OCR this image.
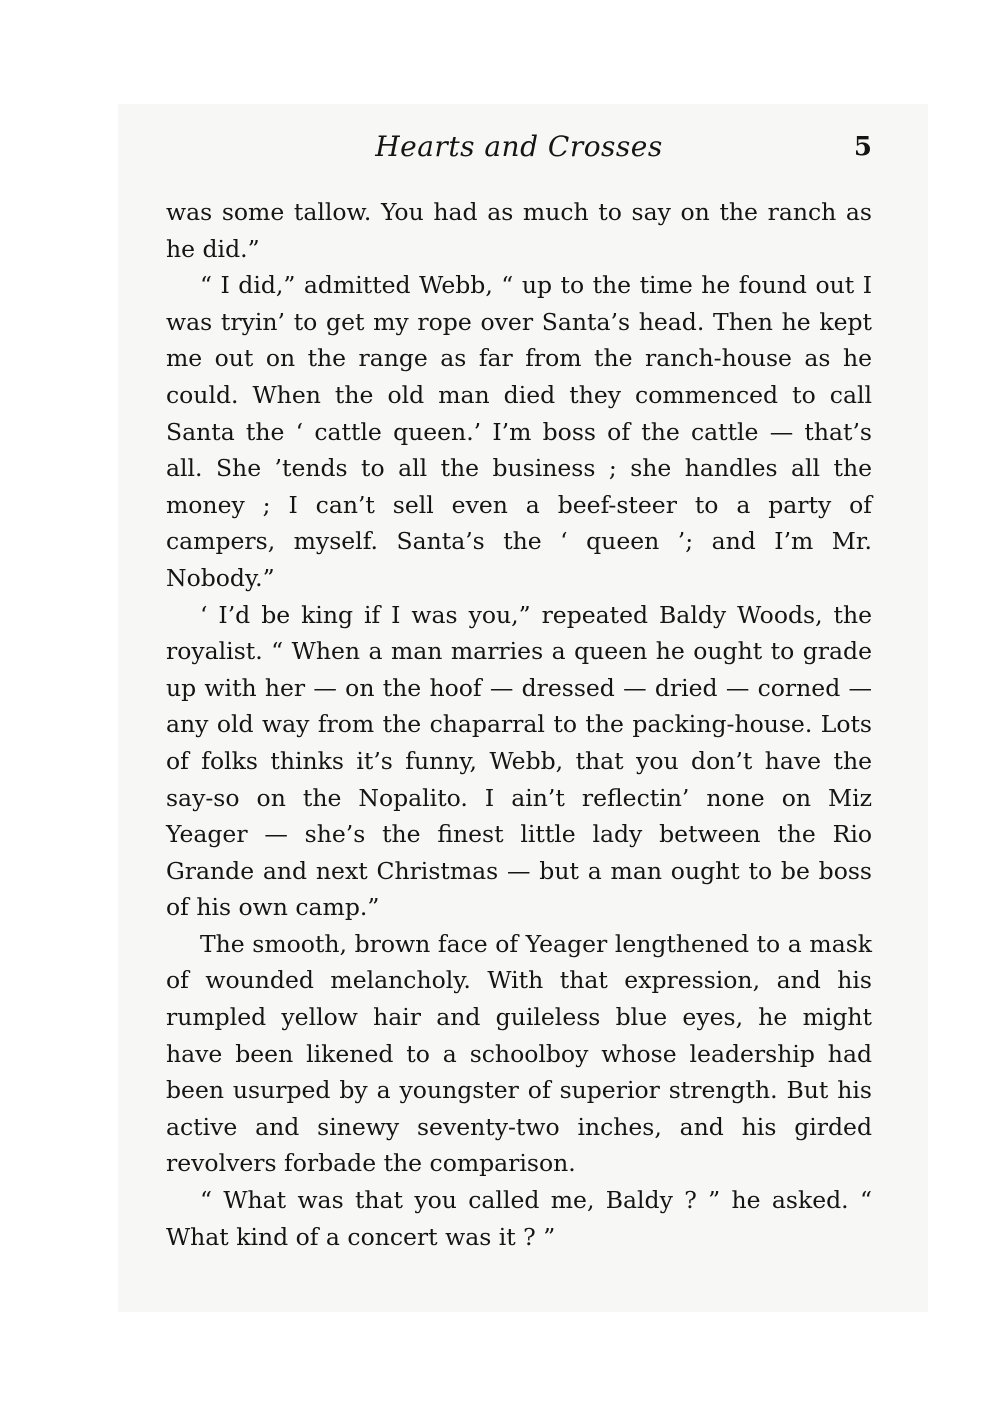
Hearts and Crosses	5

was some tallow. You had as much to say on the ranch as he did.”

“ I did,” admitted Webb, “ up to the time he found out I was tryin’ to get my rope over Santa’s head. Then he kept me out on the range as far from the ranch-house as he could. When the old man died they commenced to call Santa the ‘ cattle queen.’ I’m boss of the cattle — that’s all. She ’tends to all the business ; she handles all the money ; I can’t sell even a beef-steer to a party of campers, myself. Santa’s the ‘ queen ’; and I’m Mr. Nobody.”

‘ I’d be king if I was you,” repeated Baldy Woods, the royalist. “ When a man marries a queen he ought to grade up with her — on the hoof — dressed — dried — corned — any old way from the chaparral to the packing-house. Lots of folks thinks it’s funny, Webb, that you don’t have the say-so on the Nopalito. I ain’t reflectin’ none on Miz Yeager — she’s the finest little lady between the Rio Grande and next Christmas — but a man ought to be boss of his own camp.”

The smooth, brown face of Yeager lengthened to a mask of wounded melancholy. With that expression, and his rumpled yellow hair and guileless blue eyes, he might have been likened to a schoolboy whose leadership had been usurped by a youngster of superior strength. But his active and sinewy seventy-two inches, and his girded revolvers forbade the comparison.

“ What was that you called me, Baldy ? ” he asked. “ What kind of a concert was it ? ”
